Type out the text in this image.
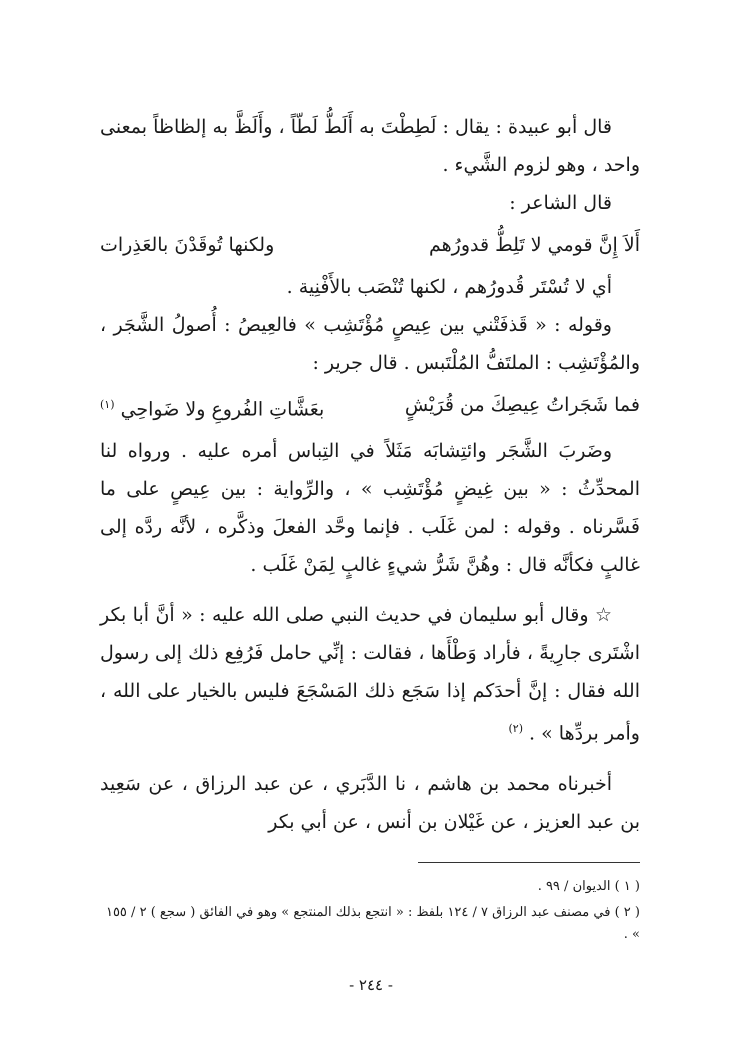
قال أبو عبيدة : يقال : لَطِطْتَ به أَلَطُّ لَطّاً ، وأَلَظَّ به إلظاظاً بمعنى واحد ، وهو لزوم الشَّيء .

قال الشاعر :

أَلاَ إِنَّ قومي لا تَلِطُّ قدورُهم
ولكنها تُوقَدْنَ بالعَذِرات

أي لا تُسْتَر قُدورُهم ، لكنها تُنْصَب بالأَفْنِية .

وقوله : « قَذفَتْني بين عِيصٍ مُؤْتَشِب » فالعِيصُ : أُصولُ الشَّجَر ، والمُؤْتَشِب : الملتَفُّ المُلْتَبس . قال جرير :

فما شَجَراتُ عِيصِكَ من قُرَيْشٍ
بعَشَّاتِ الفُروعِ ولا ضَواحِي $^{(١)}$

وضَربَ الشَّجَر وائتِشابَه مَثَلاً في التِباس أمره عليه . ورواه لنا المحدِّثُ : « بين غِيضٍ مُؤْتَشِب » ، والرِّواية : بين عِيصٍ على ما فَسَّرناه . وقوله : لمن غَلَب . فإنما وحَّد الفعلَ وذكَّره ، لأنَّه ردَّه إلى غالبٍ فكأنَّه قال : وهُنَّ شَرُّ شيءٍ غالبٍ لِمَنْ غَلَب .

☆ وقال أبو سليمان في حديث النبي صلى الله عليه : « أنَّ أبا بكر اشْتَرى جارِيةً ، فأراد وَطْأَها ، فقالت : إنِّي حامل فَرُفِع ذلك إلى رسول الله فقال : إنَّ أحدَكم إذا سَجَع ذلك المَسْجَعَ فليس بالخيار على الله ، وأمر بردِّها » . $^{(٢)}$

أخبرناه محمد بن هاشم ، نا الدَّبَري ، عن عبد الرزاق ، عن سَعِيد بن عبد العزيز ، عن غَيْلان بن أنس ، عن أبي بكر

( ١ ) الديوان / ٩٩ .

( ٢ ) في مصنف عبد الرزاق ٧ / ١٢٤ بلفظ : « انتجع بذلك المنتجع » وهو في الفائق ( سجع ) ٢ / ١٥٥ » .

- ٢٤٤ -
